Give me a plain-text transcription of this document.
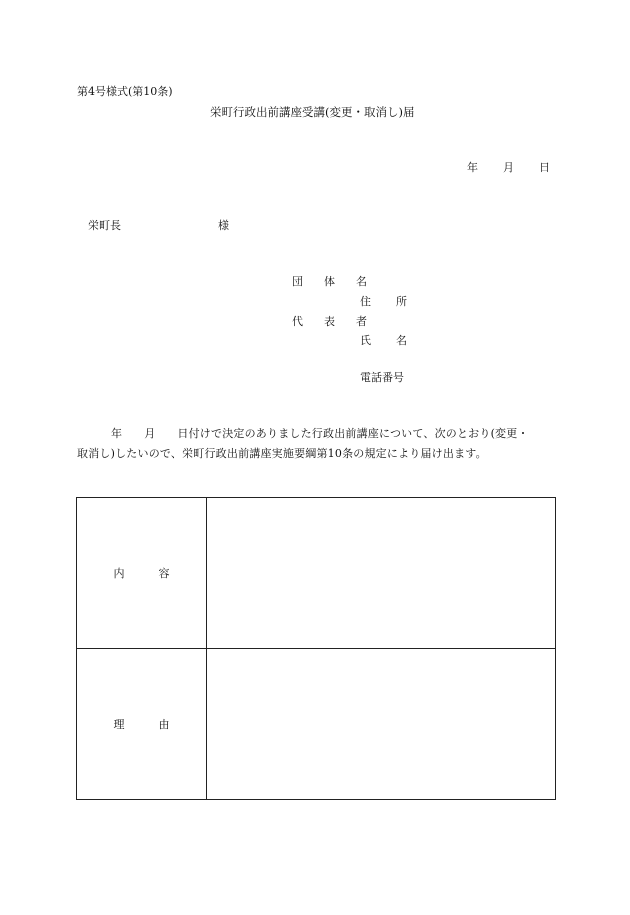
第4号様式(第10条)
栄町行政出前講座受講(変更・取消し)届
年 月 日
栄町長	様
団 体 名
住 所
代 表 者
氏 名
電話番号
年 月 日付けで決定のありました行政出前講座について、次のとおり(変更・
取消し)したいので、栄町行政出前講座実施要綱第10条の規定により届け出ます。
内 容	
理 由	
